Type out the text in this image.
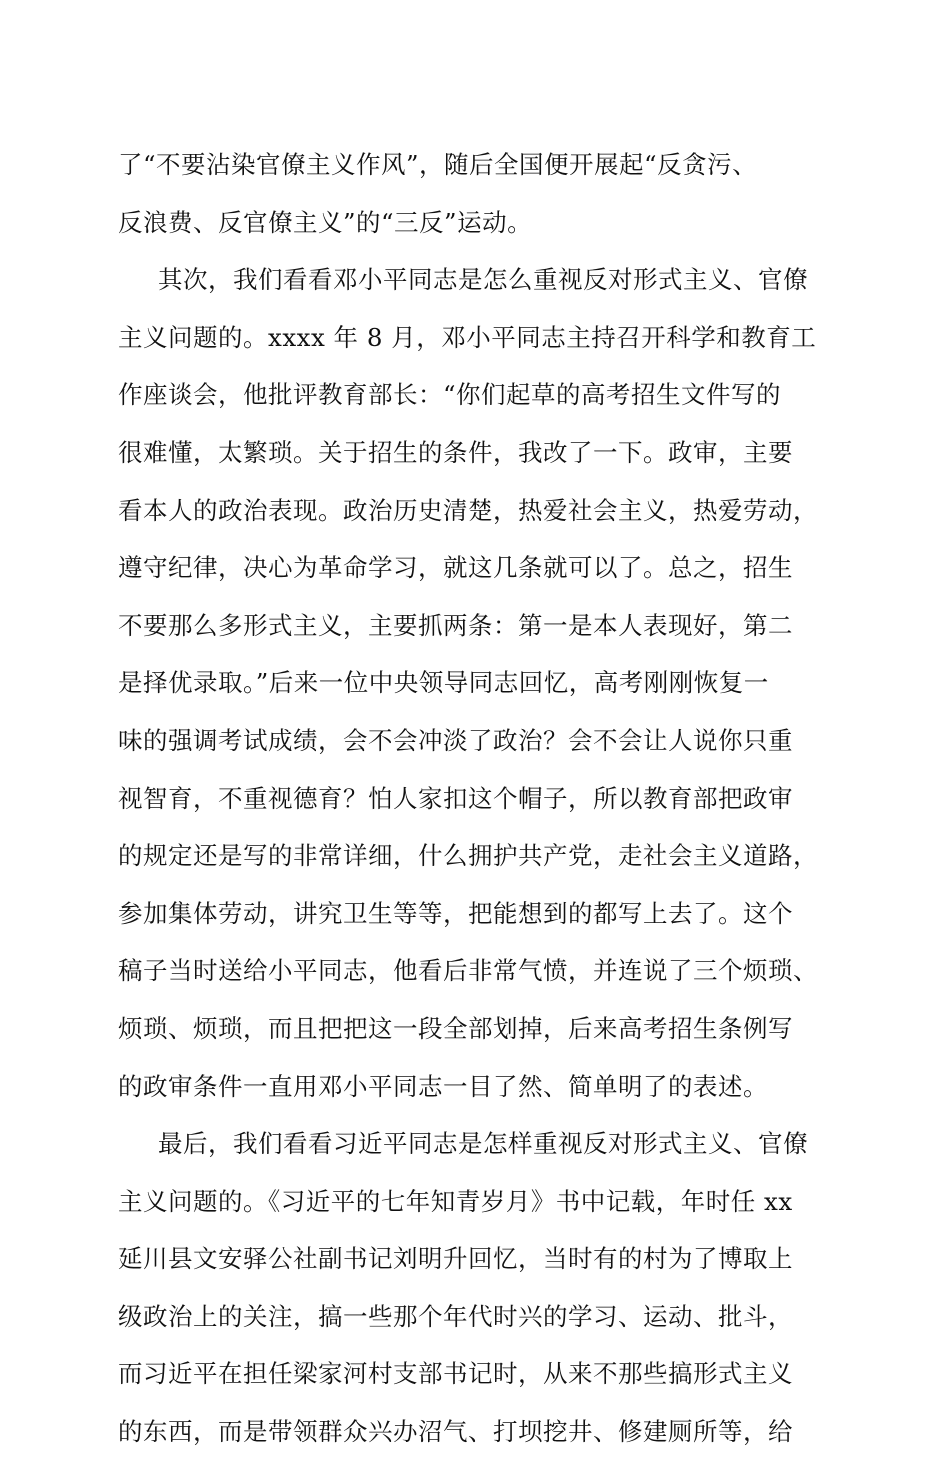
了“不要沾染官僚主义作风”，随后全国便开展起“反贪污、
反浪费、反官僚主义”的“三反”运动。
其次，我们看看邓小平同志是怎么重视反对形式主义、官僚
主义问题的。xxxx 年 8 月，邓小平同志主持召开科学和教育工
作座谈会，他批评教育部长：“你们起草的高考招生文件写的
很难懂，太繁琐。关于招生的条件，我改了一下。政审，主要
看本人的政治表现。政治历史清楚，热爱社会主义，热爱劳动，
遵守纪律，决心为革命学习，就这几条就可以了。总之，招生
不要那么多形式主义，主要抓两条：第一是本人表现好，第二
是择优录取。”后来一位中央领导同志回忆，高考刚刚恢复一
味的强调考试成绩，会不会冲淡了政治？会不会让人说你只重
视智育，不重视德育？怕人家扣这个帽子，所以教育部把政审
的规定还是写的非常详细，什么拥护共产党，走社会主义道路，
参加集体劳动，讲究卫生等等，把能想到的都写上去了。这个
稿子当时送给小平同志，他看后非常气愤，并连说了三个烦琐、
烦琐、烦琐，而且把把这一段全部划掉，后来高考招生条例写
的政审条件一直用邓小平同志一目了然、简单明了的表述。
最后，我们看看习近平同志是怎样重视反对形式主义、官僚
主义问题的。《习近平的七年知青岁月》书中记载，年时任 xx
延川县文安驿公社副书记刘明升回忆，当时有的村为了博取上
级政治上的关注，搞一些那个年代时兴的学习、运动、批斗，
而习近平在担任梁家河村支部书记时，从来不那些搞形式主义
的东西，而是带领群众兴办沼气、打坝挖井、修建厕所等，给
